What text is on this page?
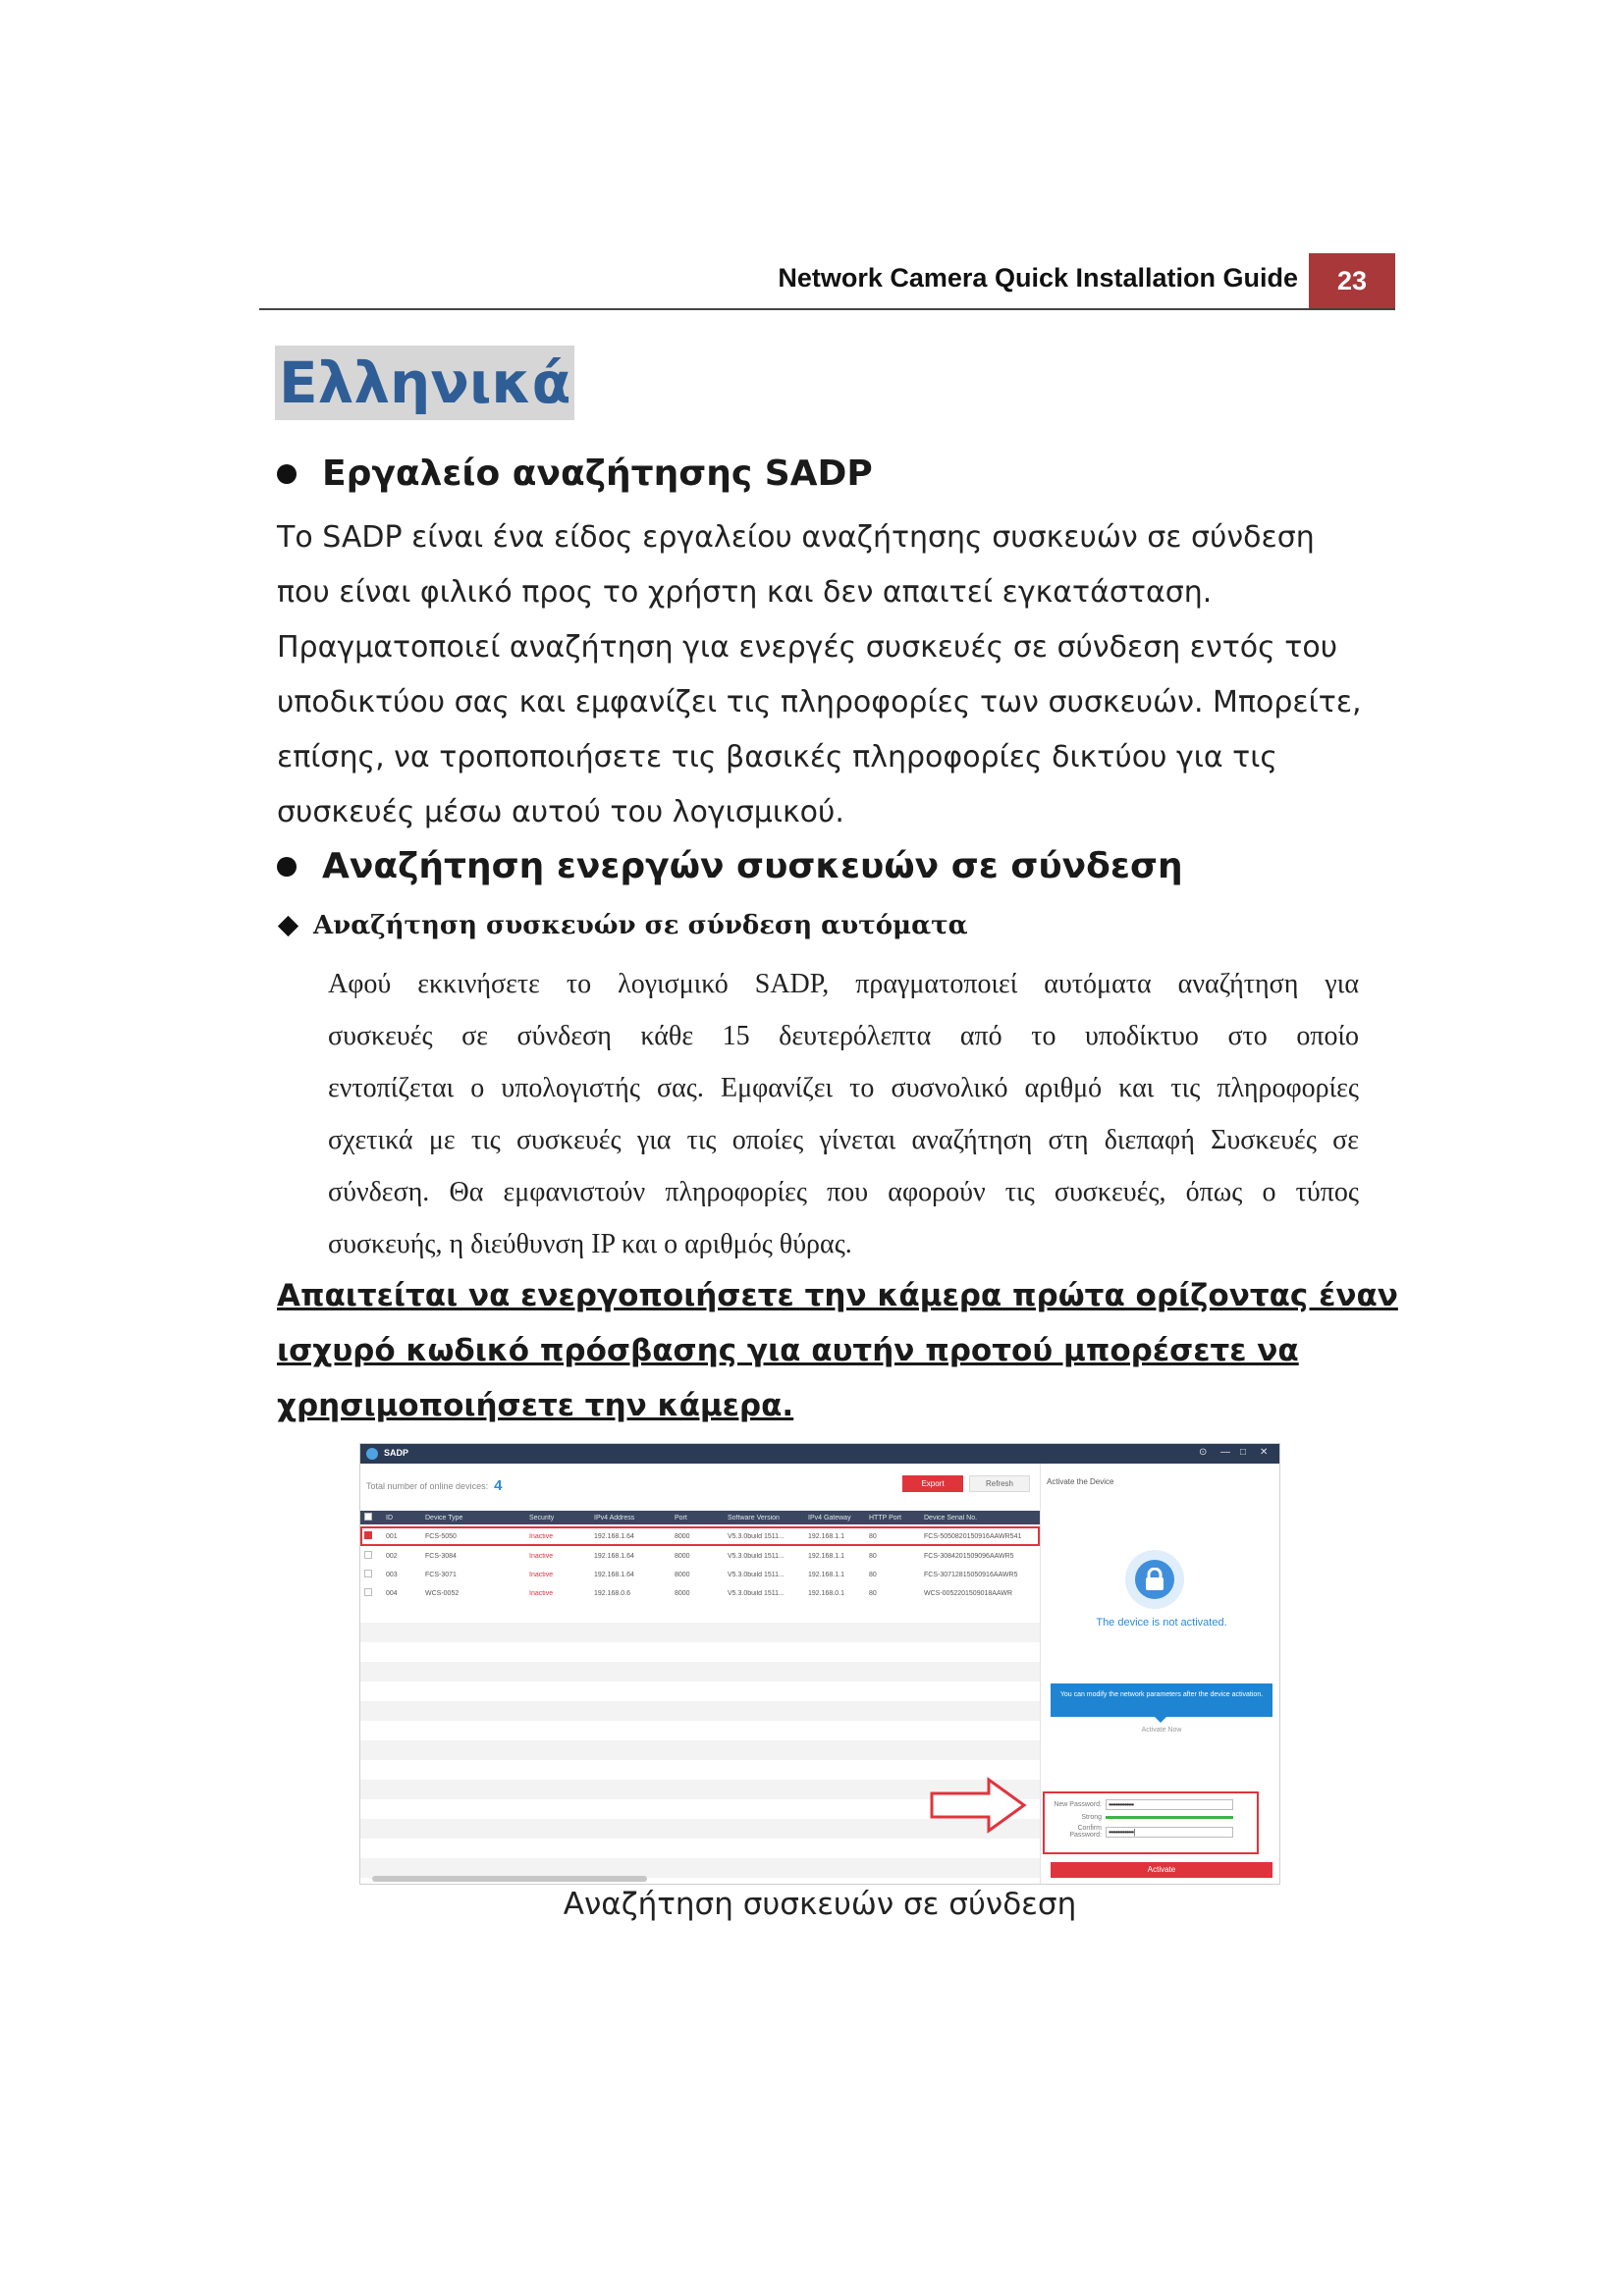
Network Camera Quick Installation Guide	23
Ελληνικά
Εργαλείο αναζήτησης SADP
Το SADP είναι ένα είδος εργαλείου αναζήτησης συσκευών σε σύνδεση
που είναι φιλικό προς το χρήστη και δεν απαιτεί εγκατάσταση.
Πραγματοποιεί αναζήτηση για ενεργές συσκευές σε σύνδεση εντός του
υποδικτύου σας και εμφανίζει τις πληροφορίες των συσκευών. Μπορείτε,
επίσης, να τροποποιήσετε τις βασικές πληροφορίες δικτύου για τις
συσκευές μέσω αυτού του λογισμικού.
Αναζήτηση ενεργών συσκευών σε σύνδεση
Αναζήτηση συσκευών σε σύνδεση αυτόματα
Αφού εκκινήσετε το λογισμικό SADP, πραγματοποιεί αυτόματα αναζήτηση για
συσκευές σε σύνδεση κάθε 15 δευτερόλεπτα από το υποδίκτυο στο οποίο
εντοπίζεται ο υπολογιστής σας. Εμφανίζει το συσνολικό αριθμό και τις πληροφορίες
σχετικά με τις συσκευές για τις οποίες γίνεται αναζήτηση στη διεπαφή Συσκευές σε
σύνδεση. Θα εμφανιστούν πληροφορίες που αφορούν τις συσκευές, όπως ο τύπος
συσκευής, η διεύθυνση IP και ο αριθμός θύρας.
Απαιτείται να ενεργοποιήσετε την κάμερα πρώτα ορίζοντας έναν
ισχυρό κωδικό πρόσβασης για αυτήν προτού μπορέσετε να
χρησιμοποιήσετε την κάμερα.
SADP	⊙ — □ ✕
Total number of online devices: 4	Export	Refresh
ID	Device Type	Security	IPv4 Address	Port	Software Version	IPv4 Gateway	HTTP Port	Device Serial No.
001	FCS-5050	Inactive	192.168.1.64	8000	V5.3.0build 1511...	192.168.1.1	80	FCS-5050820150916AAWR541
002	FCS-3084	Inactive	192.168.1.64	8000	V5.3.0build 1511...	192.168.1.1	80	FCS-3084201509096AAWR5
003	FCS-3071	Inactive	192.168.1.64	8000	V5.3.0build 1511...	192.168.1.1	80	FCS-30712815050916AAWR5
004	WCS-0052	Inactive	192.168.0.6	8000	V5.3.0build 1511...	192.168.0.1	80	WCS-0052201509018AAWR
Activate the Device
The device is not activated.
You can modify the network parameters after the device activation.
Activate Now
New Password: ••••••••••••••
Strong
Confirm Password: ••••••••••••••|
Activate
Αναζήτηση συσκευών σε σύνδεση
